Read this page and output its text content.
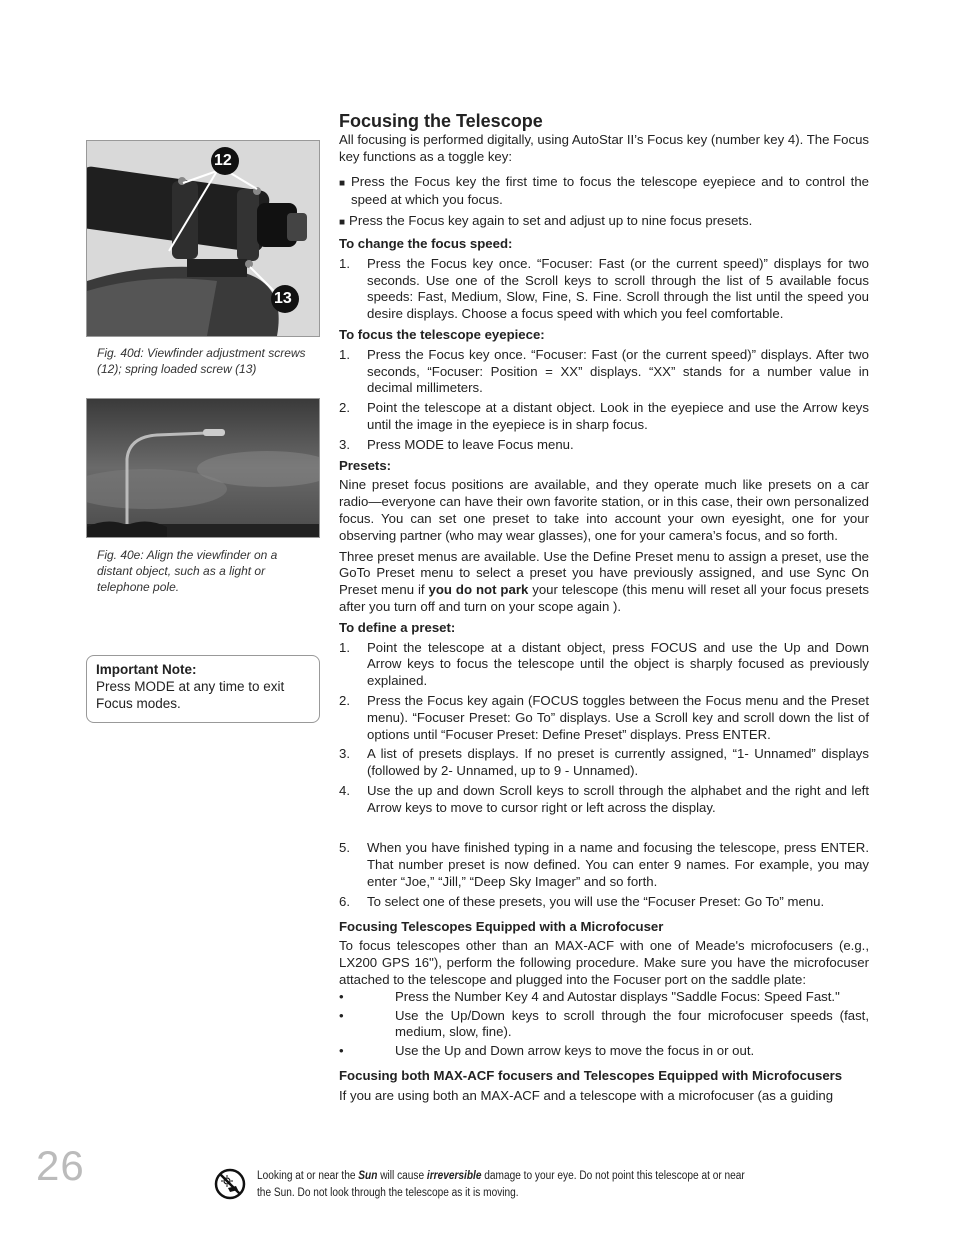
12
13
Fig. 40d: Viewfinder adjustment screws (12); spring loaded screw (13)
Fig. 40e: Align the viewfinder on a distant object, such as a light or telephone pole.
Important Note:
Press MODE at any time to exit Focus modes.
Focusing the Telescope

All focusing is performed digitally, using AutoStar II’s Focus key (number key 4). The Focus key functions as a toggle key:

■ Press the Focus key the first time to focus the telescope eyepiece and to control the speed at which you focus.

■ Press the Focus key again to set and adjust up to nine focus presets.

To change the focus speed:
1.	Press the Focus key once. “Focuser: Fast (or the current speed)” displays for two seconds. Use one of the Scroll keys to scroll through the list of 5 available focus speeds: Fast, Medium, Slow, Fine, S. Fine. Scroll through the list until the speed you desire displays. Choose a focus speed with which you feel comfortable.
To focus the telescope eyepiece:
1.	Press the Focus key once. “Focuser: Fast (or the current speed)” displays. After two seconds, “Focuser: Position = XX” displays. “XX” stands for a number value in decimal millimeters.
2.	Point the telescope at a distant object. Look in the eyepiece and use the Arrow keys until the image in the eyepiece is in sharp focus.
3.	Press MODE to leave Focus menu.
Presets:

Nine preset focus positions are available, and they operate much like presets on a car radio—everyone can have their own favorite station, or in this case, their own personalized focus. You can set one preset to take into account your own eyesight, one for your observing partner (who may wear glasses), one for your camera’s focus, and so forth.

Three preset menus are available. Use the Define Preset menu to assign a preset, use the GoTo Preset menu to select a preset you have previously assigned, and use Sync On Preset menu if you do not park your telescope (this menu will reset all your focus presets after you turn off and turn on your scope again ).

To define a preset:
1.	Point the telescope at a distant object, press FOCUS and use the Up and Down Arrow keys to focus the telescope until the object is sharply focused as previously explained.
2.	Press the Focus key again (FOCUS toggles between the Focus menu and the Preset menu). “Focuser Preset: Go To” displays. Use a Scroll key and scroll down the list of options until “Focuser Preset: Define Preset” displays. Press ENTER.
3.	A list of presets displays. If no preset is currently assigned, “1- Unnamed” displays (followed by 2- Unnamed, up to 9 - Unnamed).
4.	Use the up and down Scroll keys to scroll through the alphabet and the right and left Arrow keys to move to cursor right or left across the display.
5.	When you have finished typing in a name and focusing the telescope, press ENTER. That number preset is now defined. You can enter 9 names. For example, you may enter “Joe,” “Jill,” “Deep Sky Imager” and so forth.
6.	To select one of these presets, you will use the “Focuser Preset: Go To” menu.
Focusing Telescopes Equipped with a Microfocuser

To focus telescopes other than an MAX-ACF with one of Meade's microfocusers (e.g., LX200 GPS 16"), perform the following procedure. Make sure you have the microfocuser attached to the telescope and plugged into the Focuser port on the saddle plate:

•	Press the Number Key 4 and Autostar displays "Saddle Focus: Speed Fast."
•	Use the Up/Down keys to scroll through the four microfocuser speeds (fast, medium, slow, fine).
•	Use the Up and Down arrow keys to move the focus in or out.
Focusing both MAX-ACF focusers and Telescopes Equipped with Microfocusers

If you are using both an MAX-ACF and a telescope with a microfocuser (as a guiding

26	Looking at or near the Sun will cause irreversible damage to your eye. Do not point this telescope at or near the Sun. Do not look through the telescope as it is moving.
